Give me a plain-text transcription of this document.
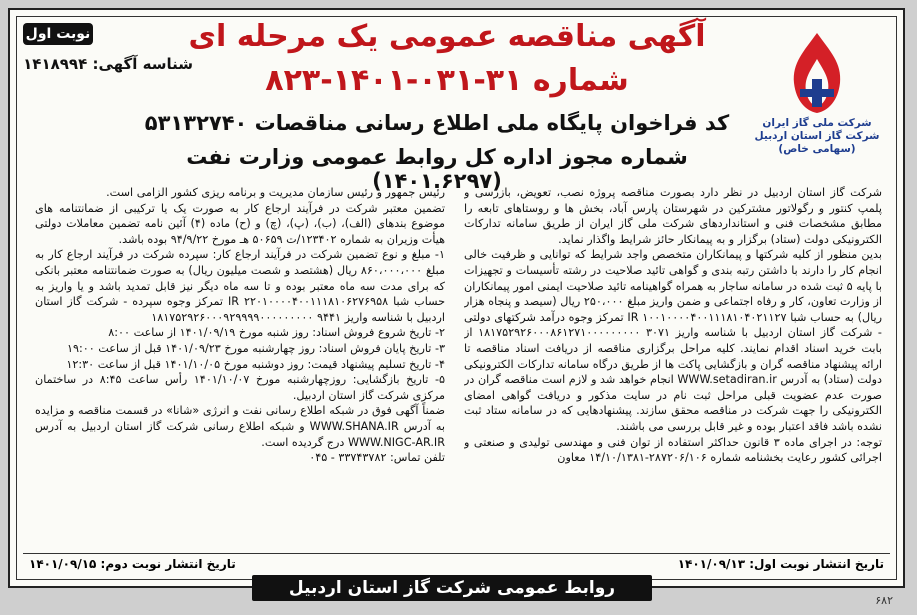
نوبت اول
شناسه آگهی: ۱۴۱۸۹۹۴
آگهی مناقصه عمومی یک مرحله ای
شماره ۳۱-۰۳۱-۱۴۰۱-۸۲۳
کد فراخوان پایگاه ملی اطلاع رسانی مناقصات ۵۳۱۳۲۷۴۰
شماره مجوز اداره کل روابط عمومی وزارت نفت (۱۴۰۱.۶۲۹۷)
شرکت ملی گاز ایران
شرکت گاز استان اردبیل
(سهامی خاص)

شرکت گاز استان اردبیل در نظر دارد بصورت مناقصه پروژه نصب، تعویض، بازرسی و پلمپ کنتور و رگولاتور مشترکین در شهرستان پارس آباد، بخش ها و روستاهای تابعه را مطابق مشخصات فنی و استانداردهای شرکت ملی گاز ایران از طریق سامانه تدارکات الکترونیکی دولت (ستاد) برگزار و به پیمانکار حائز شرایط واگذار نماید.

بدین منظور از کلیه شرکتها و پیمانکاران متخصص واجد شرایط که توانایی و ظرفیت خالی انجام کار را دارند با داشتن رتبه بندی و گواهی تائید صلاحیت در رشته تأسیسات و تجهیزات با پایه ۵ ثبت شده در سامانه ساجار به همراه گواهینامه تائید صلاحیت ایمنی امور پیمانکاران از وزارت تعاون، کار و رفاه اجتماعی و ضمن واریز مبلغ ۲۵۰،۰۰۰ ریال (سیصد و پنجاه هزار ریال) به حساب شبا IR ۱۰۰۱۰۰۰۰۴۰۰۱۱۱۸۱۰۴۰۲۱۱۲۷ تمرکز وجوه درآمد شرکتهای دولتی - شرکت گاز استان اردبیل با شناسه واریز ۳۰۷۱ ۱۸۱۷۵۲۹۲۶۰۰۰۸۶۱۲۷۱۰۰۰۰۰۰۰۰۰ از بابت خرید اسناد اقدام نمایند. کلیه مراحل برگزاری مناقصه از دریافت اسناد مناقصه تا ارائه پیشنهاد مناقصه گران و بازگشایی پاکت ها از طریق درگاه سامانه تدارکات الکترونیکی دولت (ستاد) به آدرس WWW.setadiran.ir انجام خواهد شد و لازم است مناقصه گران در صورت عدم عضویت قبلی مراحل ثبت نام در سایت مذکور و دریافت گواهی امضای الکترونیکی را جهت شرکت در مناقصه محقق سازند. پیشنهادهایی که در سامانه ستاد ثبت نشده باشد فاقد اعتبار بوده و غیر قابل بررسی می باشند.

توجه: در اجرای ماده ۳ قانون حداکثر استفاده از توان فنی و مهندسی تولیدی و صنعتی و اجرائی کشور رعایت بخشنامه شماره ۲۸۷۲۰۶/۱۰۶-۱۴/۱۰/۱۳۸۱ معاون

رئیس جمهور و رئیس سازمان مدیریت و برنامه ریزی کشور الزامی است.

تضمین معتبر شرکت در فرآیند ارجاع کار به صورت یک یا ترکیبی از ضمانتنامه های موضوع بندهای (الف)، (ب)، (پ)، (چ) و (ح) ماده (۴) آئین نامه تضمین معاملات دولتی هیأت وزیران به شماره ۱۲۳۴۰۲/ت ۵۰۶۵۹ هـ مورخ ۹۴/۹/۲۲ بوده باشد.

۱- مبلغ و نوع تضمین شرکت در فرآیند ارجاع کار: سپرده شرکت در فرآیند ارجاع کار به مبلغ ۸۶۰،۰۰۰،۰۰۰ ریال (هشتصد و شصت میلیون ریال) به صورت ضمانتنامه معتبر بانکی که برای مدت سه ماه معتبر بوده و تا سه ماه دیگر نیز قابل تمدید باشد و یا واریز به حساب شبا IR ۲۲۰۱۰۰۰۰۴۰۰۱۱۱۸۱۰۶۲۷۶۹۵۸ تمرکز وجوه سپرده - شرکت گاز استان اردبیل با شناسه واریز ۹۴۴۱ ۱۸۱۷۵۲۹۲۶۰۰۰۹۲۹۹۹۹۰۰۰۰۰۰۰۰۰

۲- تاریخ شروع فروش اسناد: روز شنبه مورخ ۱۴۰۱/۰۹/۱۹ از ساعت ۸:۰۰

۳- تاریخ پایان فروش اسناد: روز چهارشنبه مورخ ۱۴۰۱/۰۹/۲۳ قبل از ساعت ۱۹:۰۰

۴- تاریخ تسلیم پیشنهاد قیمت: روز دوشنبه مورخ ۱۴۰۱/۱۰/۰۵ قبل از ساعت ۱۲:۳۰

۵- تاریخ بازگشایی: روزچهارشنبه مورخ ۱۴۰۱/۱۰/۰۷ رأس ساعت ۸:۴۵ در ساختمان مرکزی شرکت گاز استان اردبیل.

ضمناً آگهی فوق در شبکه اطلاع رسانی نفت و انرژی «شانا» در قسمت مناقصه و مزایده به آدرس WWW.SHANA.IR و شبکه اطلاع رسانی شرکت گاز استان اردبیل به آدرس WWW.NIGC-AR.IR درج گردیده است.

تلفن تماس: ۳۳۷۴۳۷۸۲ - ۰۴۵

تاریخ انتشار نوبت اول: ۱۴۰۱/۰۹/۱۳
تاریخ انتشار نوبت دوم: ۱۴۰۱/۰۹/۱۵
روابط عمومی شرکت گاز استان اردبیل
۶۸۲
